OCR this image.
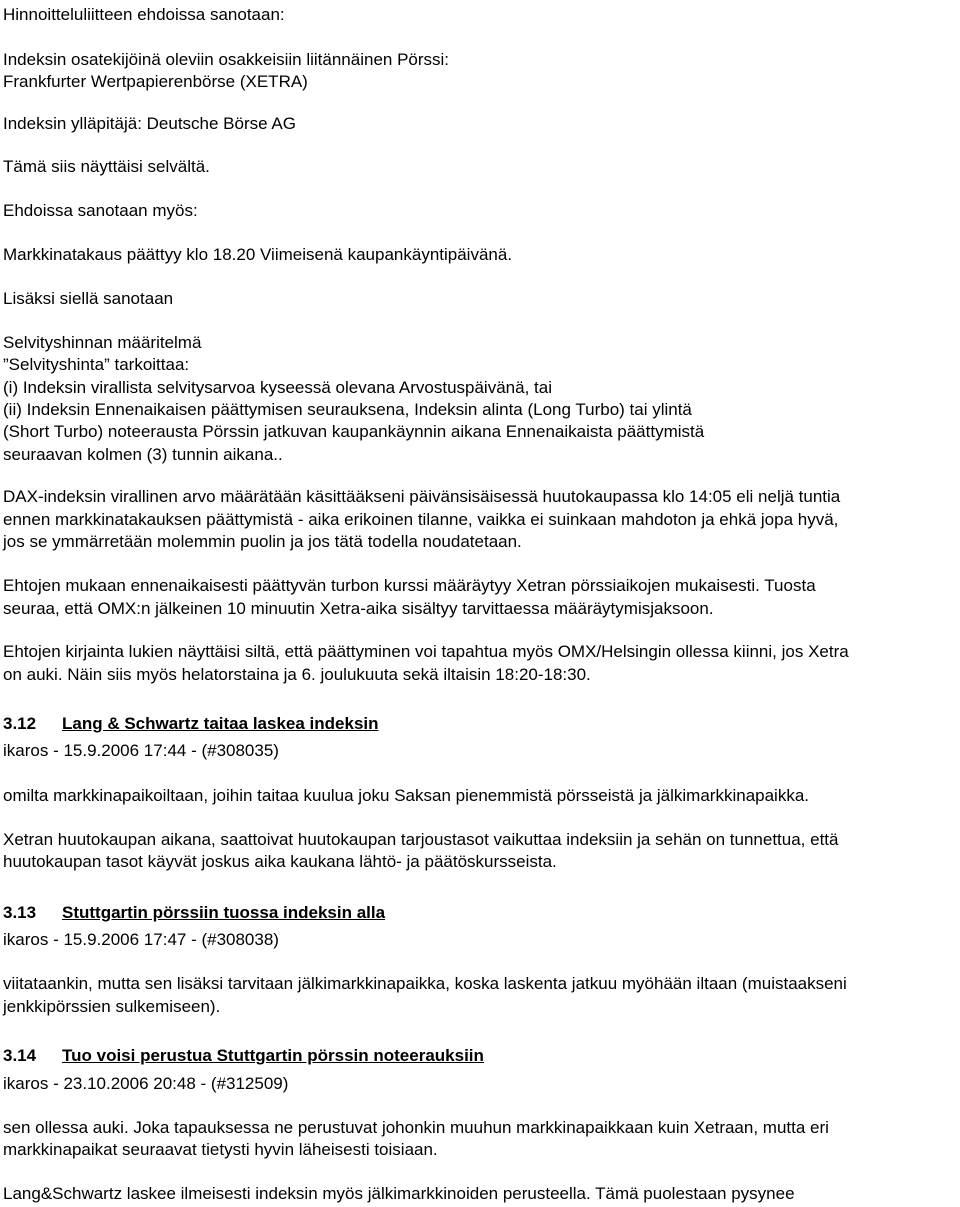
Hinnoitteluliitteen ehdoissa sanotaan:
Indeksin osatekijöinä oleviin osakkeisiin liitännäinen Pörssi:
Frankfurter Wertpapierenbörse (XETRA)
Indeksin ylläpitäjä: Deutsche Börse AG
Tämä siis näyttäisi selvältä.
Ehdoissa sanotaan myös:
Markkinatakaus päättyy klo 18.20 Viimeisenä kaupankäyntipäivänä.
Lisäksi siellä sanotaan
Selvityshinnan määritelmä
”Selvityshinta” tarkoittaa:
(i) Indeksin virallista selvitysarvoa kyseessä olevana Arvostuspäivänä, tai
(ii) Indeksin Ennenaikaisen päättymisen seurauksena, Indeksin alinta (Long Turbo) tai ylintä
(Short Turbo) noteerausta Pörssin jatkuvan kaupankäynnin aikana Ennenaikaista päättymistä
seuraavan kolmen (3) tunnin aikana..
DAX-indeksin virallinen arvo määrätään käsittääkseni päivänsisäisessä huutokaupassa klo 14:05 eli neljä tuntia
ennen markkinatakauksen päättymistä - aika erikoinen tilanne, vaikka ei suinkaan mahdoton ja ehkä jopa hyvä,
jos se ymmärretään molemmin puolin ja jos tätä todella noudatetaan.
Ehtojen mukaan ennenaikaisesti päättyvän turbon kurssi määräytyy Xetran pörssiaikojen mukaisesti. Tuosta
seuraa, että OMX:n jälkeinen 10 minuutin Xetra-aika sisältyy tarvittaessa määräytymisjaksoon.
Ehtojen kirjainta lukien näyttäisi siltä, että päättyminen voi tapahtua myös OMX/Helsingin ollessa kiinni, jos Xetra
on auki. Näin siis myös helatorstaina ja 6. joulukuuta sekä iltaisin 18:20-18:30.
3.12 Lang & Schwartz taitaa laskea indeksin
ikaros - 15.9.2006 17:44 - (#308035)
omilta markkinapaikoiltaan, joihin taitaa kuulua joku Saksan pienemmistä pörsseistä ja jälkimarkkinapaikka.
Xetran huutokaupan aikana, saattoivat huutokaupan tarjoustasot vaikuttaa indeksiin ja sehän on tunnettua, että
huutokaupan tasot käyvät joskus aika kaukana lähtö- ja päätöskursseista.
3.13 Stuttgartin pörssiin tuossa indeksin alla
ikaros - 15.9.2006 17:47 - (#308038)
viitataankin, mutta sen lisäksi tarvitaan jälkimarkkinapaikka, koska laskenta jatkuu myöhään iltaan (muistaakseni
jenkkipörssien sulkemiseen).
3.14 Tuo voisi perustua Stuttgartin pörssin noteerauksiin
ikaros - 23.10.2006 20:48 - (#312509)
sen ollessa auki. Joka tapauksessa ne perustuvat johonkin muuhun markkinapaikkaan kuin Xetraan, mutta eri
markkinapaikat seuraavat tietysti hyvin läheisesti toisiaan.
Lang&Schwartz laskee ilmeisesti indeksin myös jälkimarkkinoiden perusteella. Tämä puolestaan pysynee
